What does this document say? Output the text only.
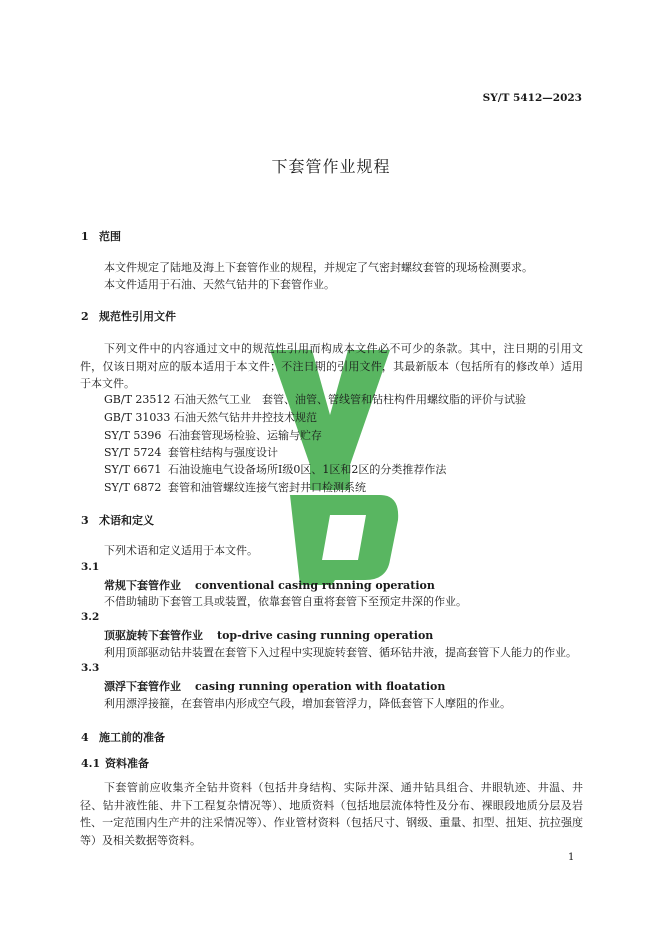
SY/T 5412—2023
下套管作业规程
1 范围
本文件规定了陆地及海上下套管作业的规程，并规定了气密封螺纹套管的现场检测要求。
本文件适用于石油、天然气钻井的下套管作业。
2 规范性引用文件
下列文件中的内容通过文中的规范性引用而构成本文件必不可少的条款。其中，注日期的引用文件，仅该日期对应的版本适用于本文件；不注日期的引用文件，其最新版本（包括所有的修改单）适用于本文件。
GB/T 23512 石油天然气工业　套管、油管、管线管和钻柱构件用螺纹脂的评价与试验
GB/T 31033 石油天然气钻井井控技术规范
SY/T 5396 石油套管现场检验、运输与贮存
SY/T 5724 套管柱结构与强度设计
SY/T 6671 石油设施电气设备场所Ⅰ级0区、1区和2区的分类推荐作法
SY/T 6872 套管和油管螺纹连接气密封井口检测系统
3 术语和定义
下列术语和定义适用于本文件。
3.1
常规下套管作业 conventional casing running operation
不借助辅助下套管工具或装置，依靠套管自重将套管下至预定井深的作业。
3.2
顶驱旋转下套管作业 top-drive casing running operation
利用顶部驱动钻井装置在套管下入过程中实现旋转套管、循环钻井液，提高套管下人能力的作业。
3.3
漂浮下套管作业 casing running operation with floatation
利用漂浮接箍，在套管串内形成空气段，增加套管浮力，降低套管下人摩阻的作业。
4 施工前的准备
4.1 资料准备
下套管前应收集齐全钻井资料（包括井身结构、实际井深、通井钻具组合、井眼轨迹、井温、井径、钻井液性能、井下工程复杂情况等）、地质资料（包括地层流体特性及分布、裸眼段地质分层及岩性、一定范围内生产井的注采情况等）、作业管材资料（包括尺寸、钢级、重量、扣型、扭矩、抗拉强度等）及相关数据等资料。
1
